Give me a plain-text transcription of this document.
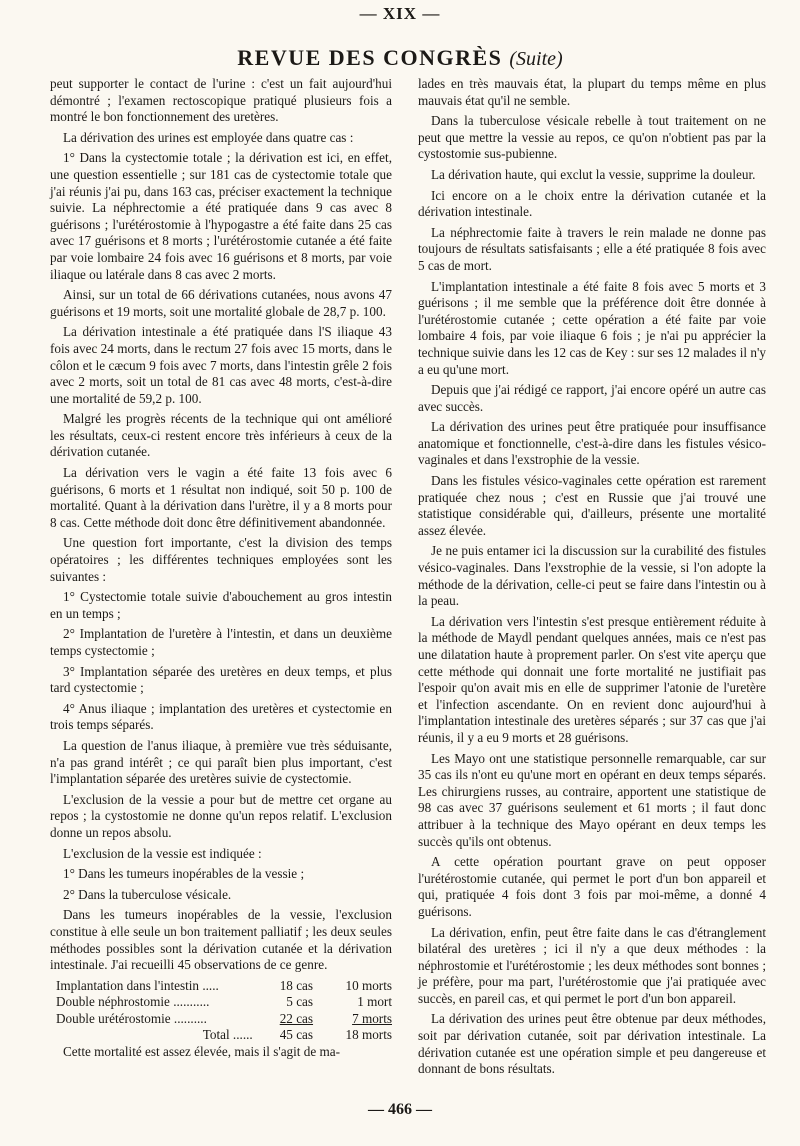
— XIX —
REVUE DES CONGRÈS (Suite)

peut supporter le contact de l'urine : c'est un fait aujourd'hui démontré ; l'examen rectoscopique pratiqué plusieurs fois a montré le bon fonctionnement des uretères.

La dérivation des urines est employée dans quatre cas :

1° Dans la cystectomie totale ; la dérivation est ici, en effet, une question essentielle ; sur 181 cas de cystectomie totale que j'ai réunis j'ai pu, dans 163 cas, préciser exactement la technique suivie. La néphrectomie a été pratiquée dans 9 cas avec 8 guérisons ; l'urétérostomie à l'hypogastre a été faite dans 25 cas avec 17 guérisons et 8 morts ; l'urétérostomie cutanée a été faite par voie lombaire 24 fois avec 16 guérisons et 8 morts, par voie iliaque ou latérale dans 8 cas avec 2 morts.

Ainsi, sur un total de 66 dérivations cutanées, nous avons 47 guérisons et 19 morts, soit une mortalité globale de 28,7 p. 100.

La dérivation intestinale a été pratiquée dans l'S iliaque 43 fois avec 24 morts, dans le rectum 27 fois avec 15 morts, dans le côlon et le cæcum 9 fois avec 7 morts, dans l'intestin grêle 2 fois avec 2 morts, soit un total de 81 cas avec 48 morts, c'est-à-dire une mortalité de 59,2 p. 100.

Malgré les progrès récents de la technique qui ont amélioré les résultats, ceux-ci restent encore très inférieurs à ceux de la dérivation cutanée.

La dérivation vers le vagin a été faite 13 fois avec 6 guérisons, 6 morts et 1 résultat non indiqué, soit 50 p. 100 de mortalité. Quant à la dérivation dans l'urètre, il y a 8 morts pour 8 cas. Cette méthode doit donc être définitivement abandonnée.

Une question fort importante, c'est la division des temps opératoires ; les différentes techniques employées sont les suivantes :

1° Cystectomie totale suivie d'abouchement au gros intestin en un temps ;

2° Implantation de l'uretère à l'intestin, et dans un deuxième temps cystectomie ;

3° Implantation séparée des uretères en deux temps, et plus tard cystectomie ;

4° Anus iliaque ; implantation des uretères et cystectomie en trois temps séparés.

La question de l'anus iliaque, à première vue très séduisante, n'a pas grand intérêt ; ce qui paraît bien plus important, c'est l'implantation séparée des uretères suivie de cystectomie.

L'exclusion de la vessie a pour but de mettre cet organe au repos ; la cystostomie ne donne qu'un repos relatif. L'exclusion donne un repos absolu.

L'exclusion de la vessie est indiquée :

1° Dans les tumeurs inopérables de la vessie ;

2° Dans la tuberculose vésicale.

Dans les tumeurs inopérables de la vessie, l'exclusion constitue à elle seule un bon traitement palliatif ; les deux seules méthodes possibles sont la dérivation cutanée et la dérivation intestinale. J'ai recueilli 45 observations de ce genre.

Implantation dans l'intestin .....	18 cas	10 morts
Double néphrostomie ...........	5 cas	1 mort
Double urétérostomie ..........	22 cas	7 morts
Total ......	45 cas	18 morts

Cette mortalité est assez élevée, mais il s'agit de ma-

lades en très mauvais état, la plupart du temps même en plus mauvais état qu'il ne semble.

Dans la tuberculose vésicale rebelle à tout traitement on ne peut que mettre la vessie au repos, ce qu'on n'obtient pas par la cystostomie sus-pubienne.

La dérivation haute, qui exclut la vessie, supprime la douleur.

Ici encore on a le choix entre la dérivation cutanée et la dérivation intestinale.

La néphrectomie faite à travers le rein malade ne donne pas toujours de résultats satisfaisants ; elle a été pratiquée 8 fois avec 5 cas de mort.

L'implantation intestinale a été faite 8 fois avec 5 morts et 3 guérisons ; il me semble que la préférence doit être donnée à l'urétérostomie cutanée ; cette opération a été faite par voie lombaire 4 fois, par voie iliaque 6 fois ; je n'ai pu apprécier la technique suivie dans les 12 cas de Key : sur ses 12 malades il n'y a eu qu'une mort.

Depuis que j'ai rédigé ce rapport, j'ai encore opéré un autre cas avec succès.

La dérivation des urines peut être pratiquée pour insuffisance anatomique et fonctionnelle, c'est-à-dire dans les fistules vésico-vaginales et dans l'exstrophie de la vessie.

Dans les fistules vésico-vaginales cette opération est rarement pratiquée chez nous ; c'est en Russie que j'ai trouvé une statistique considérable qui, d'ailleurs, présente une mortalité assez élevée.

Je ne puis entamer ici la discussion sur la curabilité des fistules vésico-vaginales. Dans l'exstrophie de la vessie, si l'on adopte la méthode de la dérivation, celle-ci peut se faire dans l'intestin ou à la peau.

La dérivation vers l'intestin s'est presque entièrement réduite à la méthode de Maydl pendant quelques années, mais ce n'est pas une dilatation haute à proprement parler. On s'est vite aperçu que cette méthode qui donnait une forte mortalité ne justifiait pas l'espoir qu'on avait mis en elle de supprimer l'atonie de l'uretère et l'infection ascendante. On en revient donc aujourd'hui à l'implantation intestinale des uretères séparés ; sur 37 cas que j'ai réunis, il y a eu 9 morts et 28 guérisons.

Les Mayo ont une statistique personnelle remarquable, car sur 35 cas ils n'ont eu qu'une mort en opérant en deux temps séparés. Les chirurgiens russes, au contraire, apportent une statistique de 98 cas avec 37 guérisons seulement et 61 morts ; il faut donc attribuer à la technique des Mayo opérant en deux temps les succès qu'ils ont obtenus.

A cette opération pourtant grave on peut opposer l'urétérostomie cutanée, qui permet le port d'un bon appareil et qui, pratiquée 4 fois dont 3 fois par moi-même, a donné 4 guérisons.

La dérivation, enfin, peut être faite dans le cas d'étranglement bilatéral des uretères ; ici il n'y a que deux méthodes : la néphrostomie et l'urétérostomie ; les deux méthodes sont bonnes ; je préfère, pour ma part, l'urétérostomie que j'ai pratiquée avec succès, en pareil cas, et qui permet le port d'un bon appareil.

La dérivation des urines peut être obtenue par deux méthodes, soit par dérivation cutanée, soit par dérivation intestinale. La dérivation cutanée est une opération simple et peu dangereuse et donnant de bons résultats.

— 466 —
